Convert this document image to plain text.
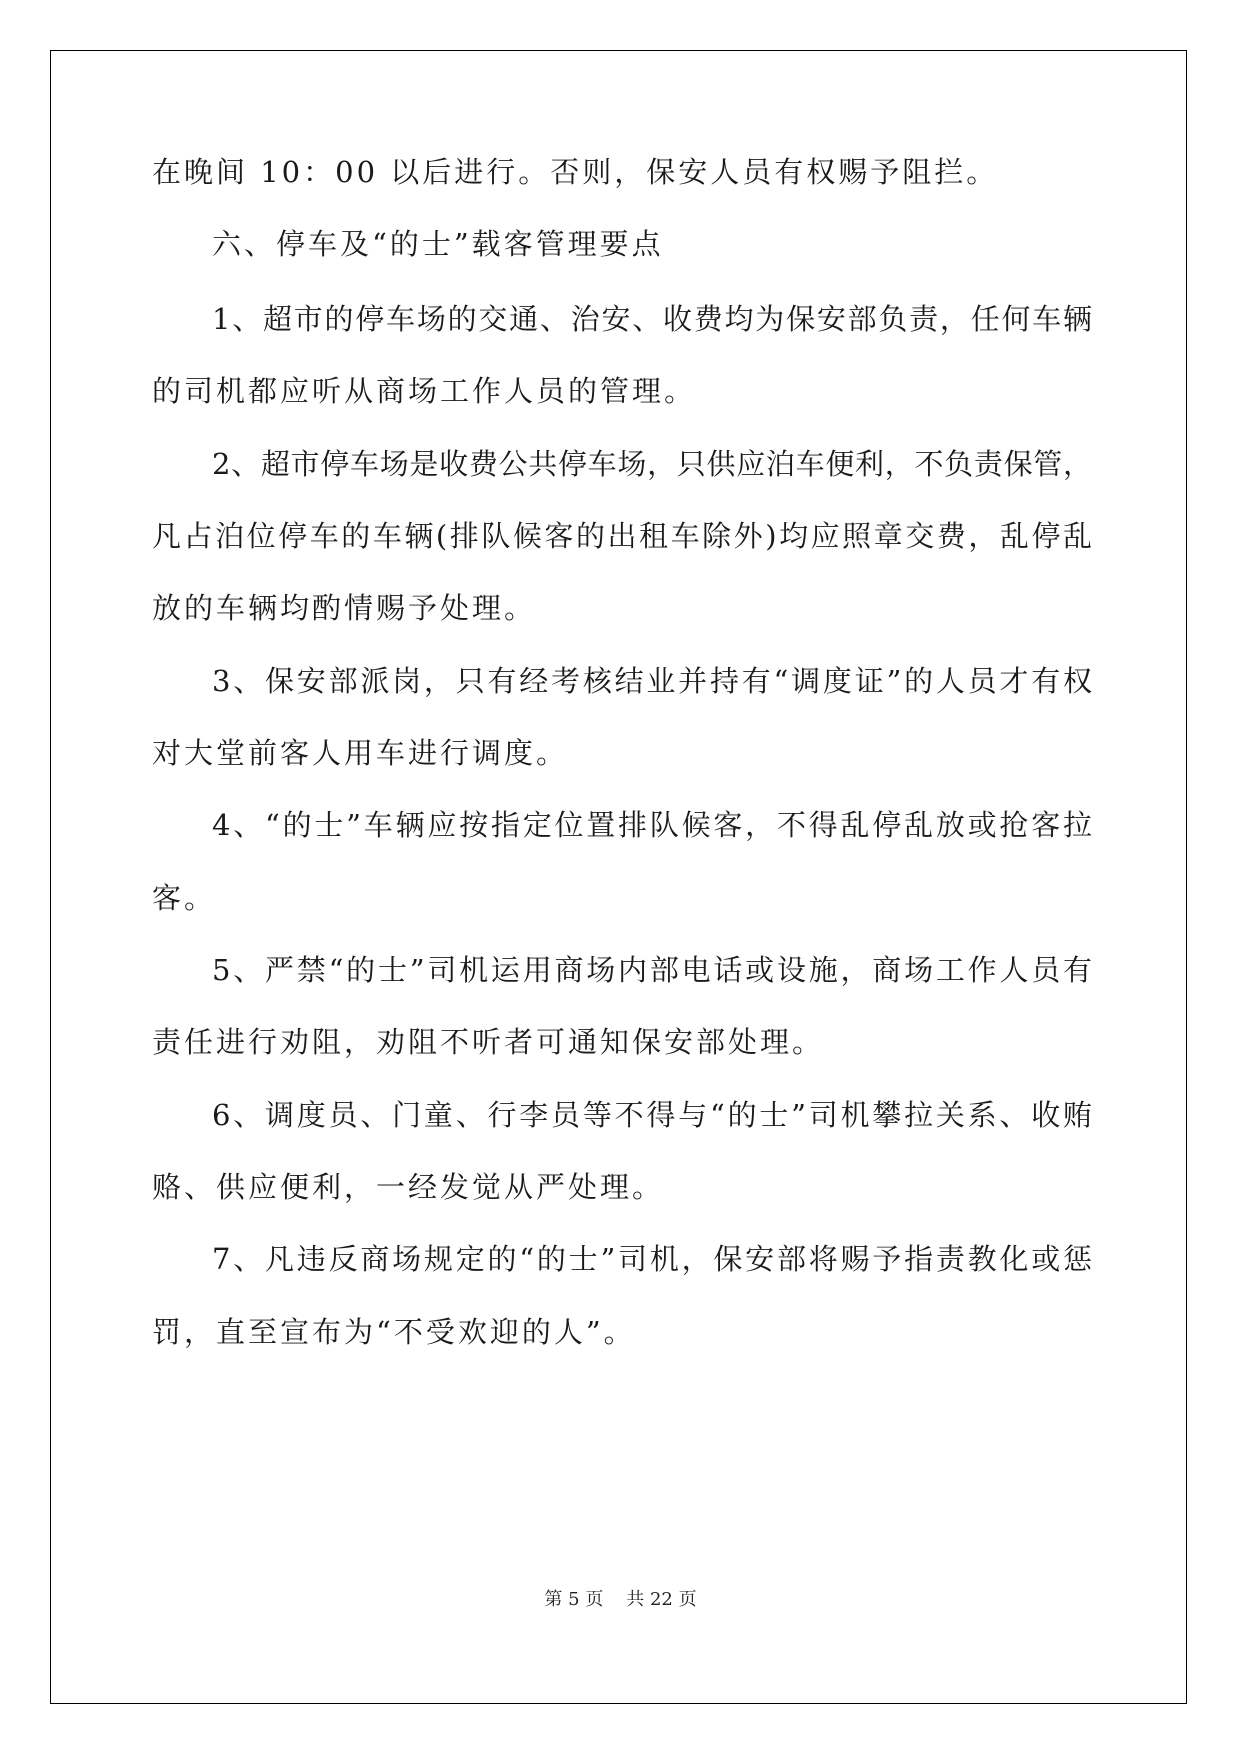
在晚间 10：00 以后进行。否则，保安人员有权赐予阻拦。
六、停车及“的士”载客管理要点
1、超市的停车场的交通、治安、收费均为保安部负责，任何车辆
的司机都应听从商场工作人员的管理。
2、超市停车场是收费公共停车场，只供应泊车便利，不负责保管，
凡占泊位停车的车辆(排队候客的出租车除外)均应照章交费，乱停乱
放的车辆均酌情赐予处理。
3、保安部派岗，只有经考核结业并持有“调度证”的人员才有权
对大堂前客人用车进行调度。
4、“的士”车辆应按指定位置排队候客，不得乱停乱放或抢客拉
客。
5、严禁“的士”司机运用商场内部电话或设施，商场工作人员有
责任进行劝阻，劝阻不听者可通知保安部处理。
6、调度员、门童、行李员等不得与“的士”司机攀拉关系、收贿
赂、供应便利，一经发觉从严处理。
7、凡违反商场规定的“的士”司机，保安部将赐予指责教化或惩
罚，直至宣布为“不受欢迎的人”。
第 5 页 共 22 页
